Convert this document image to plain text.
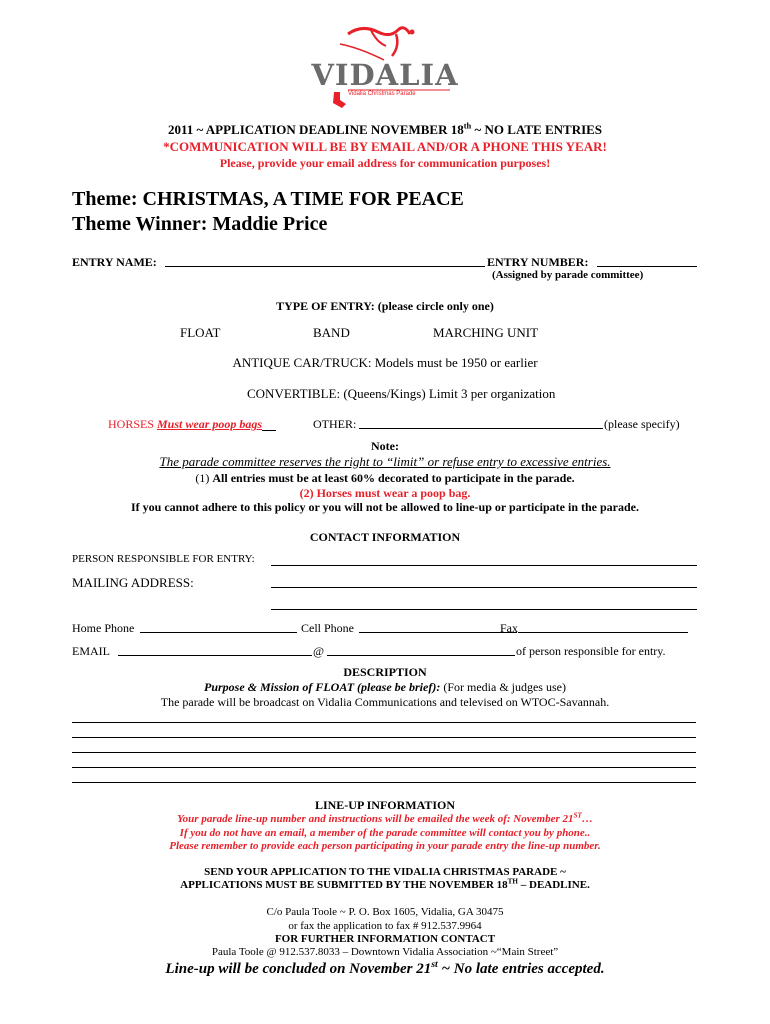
VIDALIA
Vidalia Christmas Parade
2011 ~ APPLICATION DEADLINE NOVEMBER 18th ~ NO LATE ENTRIES
*COMMUNICATION WILL BE BY EMAIL AND/OR A PHONE THIS YEAR!
Please, provide your email address for communication purposes!
Theme: CHRISTMAS, A TIME FOR PEACE
Theme Winner: Maddie Price
ENTRY NAME:	ENTRY NUMBER:
(Assigned by parade committee)
TYPE OF ENTRY: (please circle only one)
FLOAT	BAND	MARCHING UNIT
ANTIQUE CAR/TRUCK: Models must be 1950 or earlier
CONVERTIBLE: (Queens/Kings) Limit 3 per organization
HORSES Must wear poop bags	OTHER:	(please specify)
Note:
The parade committee reserves the right to “limit” or refuse entry to excessive entries.
(1) All entries must be at least 60% decorated to participate in the parade.
(2) Horses must wear a poop bag.
If you cannot adhere to this policy or you will not be allowed to line-up or participate in the parade.
CONTACT INFORMATION
PERSON RESPONSIBLE FOR ENTRY:
MAILING ADDRESS:
Home Phone	Cell Phone	Fax
EMAIL	@	of person responsible for entry.
DESCRIPTION
Purpose & Mission of FLOAT (please be brief): (For media & judges use)
The parade will be broadcast on Vidalia Communications and televised on WTOC-Savannah.
LINE-UP INFORMATION
Your parade line-up number and instructions will be emailed the week of: November 21ST…
If you do not have an email, a member of the parade committee will contact you by phone..
Please remember to provide each person participating in your parade entry the line-up number.
SEND YOUR APPLICATION TO THE VIDALIA CHRISTMAS PARADE ~
APPLICATIONS MUST BE SUBMITTED BY THE NOVEMBER 18TH – DEADLINE.
C/o Paula Toole ~ P. O. Box 1605, Vidalia, GA 30475
or fax the application to fax # 912.537.9964
FOR FURTHER INFORMATION CONTACT
Paula Toole @ 912.537.8033 – Downtown Vidalia Association ~“Main Street”
Line-up will be concluded on November 21st ~ No late entries accepted.
